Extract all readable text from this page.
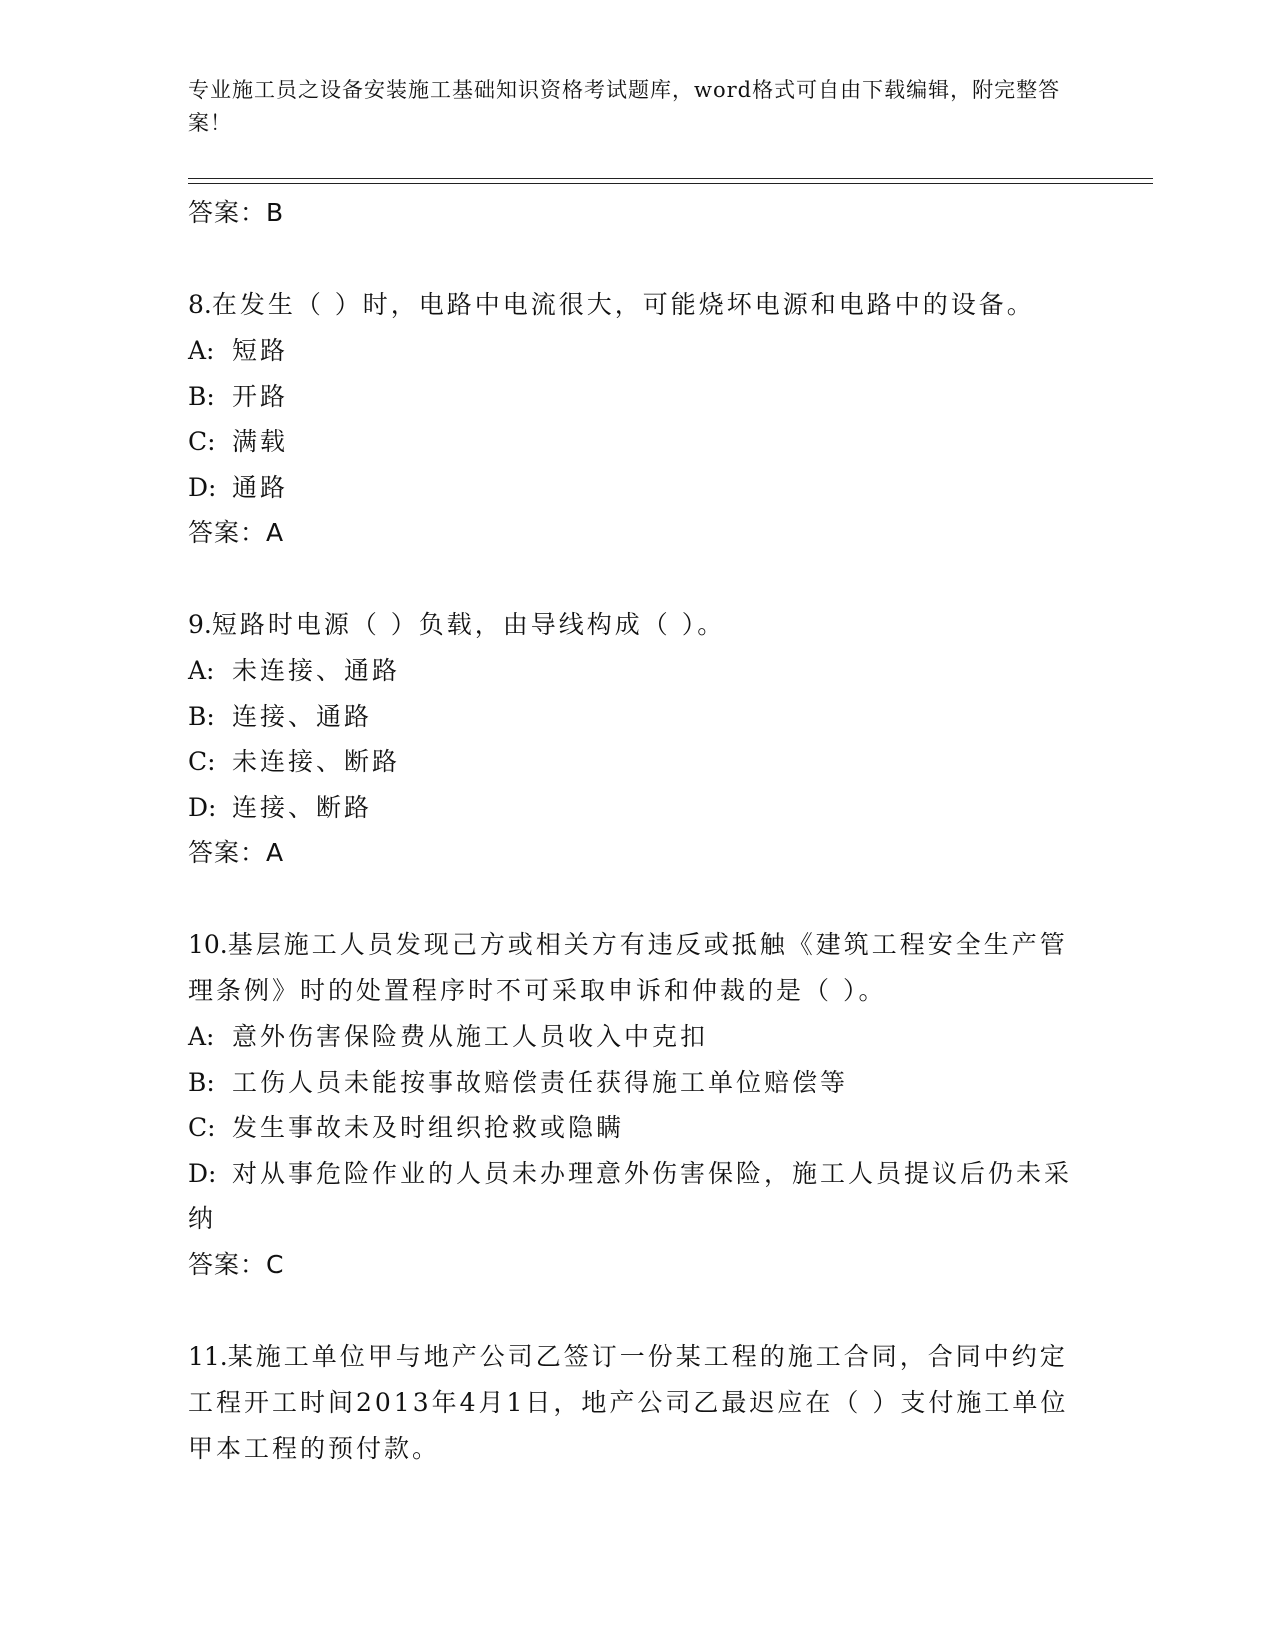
专业施工员之设备安装施工基础知识资格考试题库，word格式可自由下载编辑，附完整答案！
答案：B
8.在发生（ ）时，电路中电流很大，可能烧坏电源和电路中的设备。
A: 短路
B: 开路
C: 满载
D: 通路
答案：A
9.短路时电源（ ）负载，由导线构成（ ）。
A: 未连接、通路
B: 连接、通路
C: 未连接、断路
D: 连接、断路
答案：A
10.基层施工人员发现己方或相关方有违反或抵触《建筑工程安全生产管理条例》时的处置程序时不可采取申诉和仲裁的是（ ）。
A: 意外伤害保险费从施工人员收入中克扣
B: 工伤人员未能按事故赔偿责任获得施工单位赔偿等
C: 发生事故未及时组织抢救或隐瞒
D: 对从事危险作业的人员未办理意外伤害保险，施工人员提议后仍未采纳
答案：C
11.某施工单位甲与地产公司乙签订一份某工程的施工合同，合同中约定工程开工时间2013年4月1日，地产公司乙最迟应在（ ）支付施工单位甲本工程的预付款。
